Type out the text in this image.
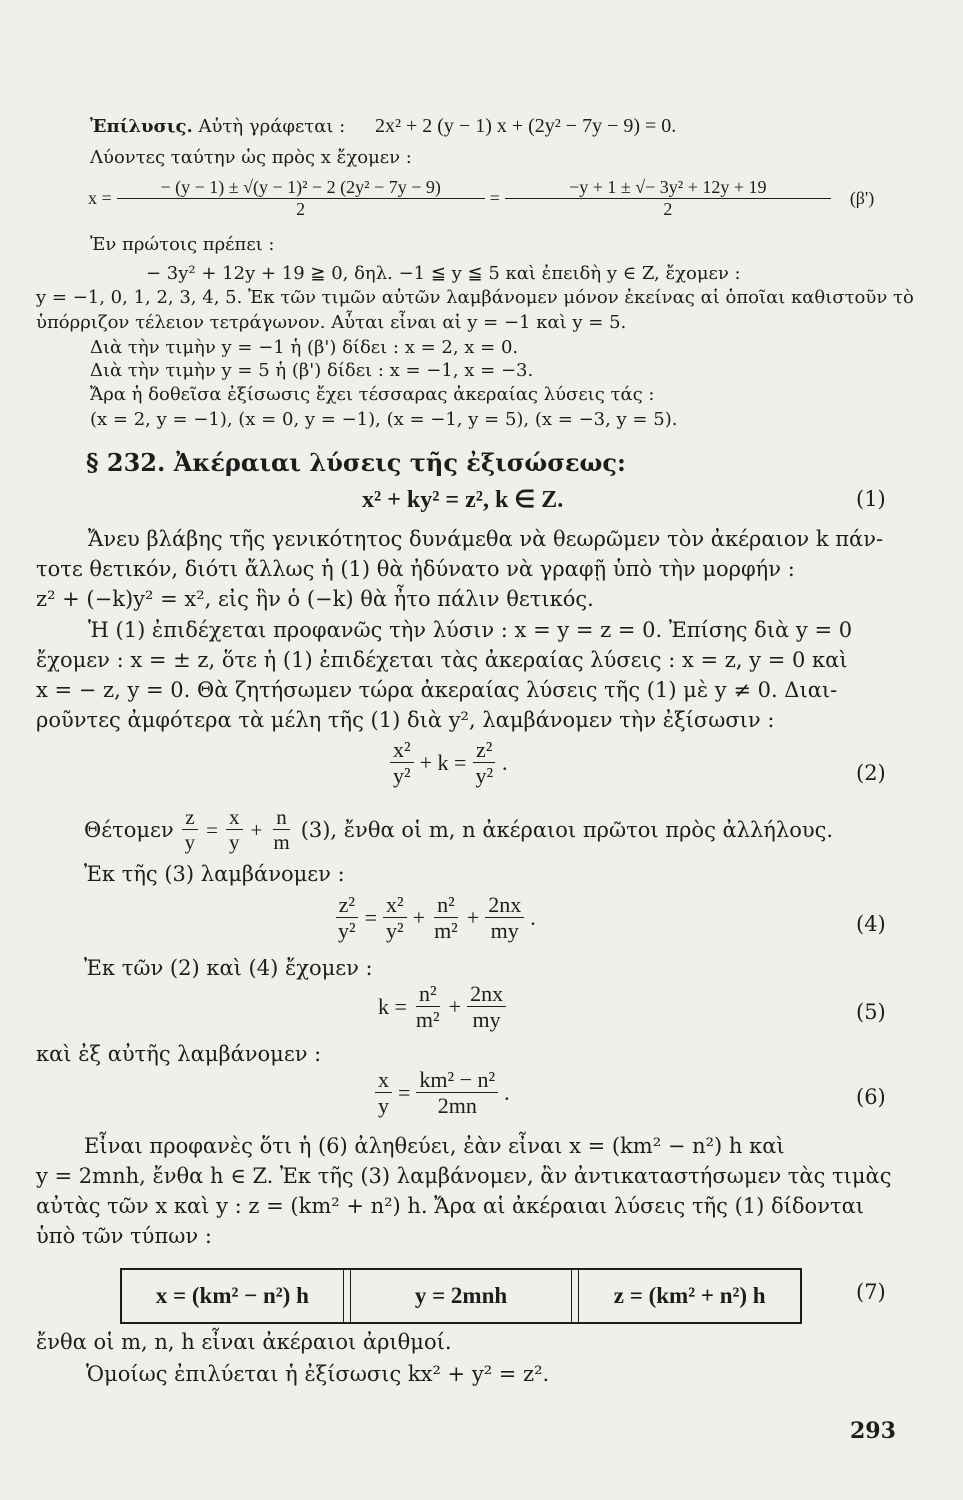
Ἐπίλυσις. Αὐτὴ γράφεται : 2x² + 2 (y − 1) x + (2y² − 7y − 9) = 0.
Λύοντες ταύτην ὡς πρὸς x ἔχομεν :
$x = \frac{\text{− (y − 1) ± √(y − 1)² − 2 (2y² − 7y − 9)}}{2} = \frac{\text{−y + 1 ± √− 3y² + 12y + 19}}{2} (\beta')$
Ἐν πρώτοις πρέπει :
− 3y² + 12y + 19 ≧ 0, δηλ. −1 ≦ y ≦ 5 καὶ ἐπειδὴ y ∈ Z, ἔχομεν :
y = −1, 0, 1, 2, 3, 4, 5. Ἐκ τῶν τιμῶν αὐτῶν λαμβάνομεν μόνον ἐκείνας αἱ ὁποῖαι καθιστοῦν τὸ
ὑπόρριζον τέλειον τετράγωνον. Αὗται εἶναι αἱ y = −1 καὶ y = 5.
Διὰ τὴν τιμὴν y = −1 ἡ (β') δίδει : x = 2, x = 0.
Διὰ τὴν τιμὴν y = 5 ἡ (β') δίδει : x = −1, x = −3.
Ἄρα ἡ δοθεῖσα ἐξίσωσις ἔχει τέσσαρας ἀκεραίας λύσεις τάς :
(x = 2, y = −1), (x = 0, y = −1), (x = −1, y = 5), (x = −3, y = 5).
§ 232. Ἀκέραιαι λύσεις τῆς ἐξισώσεως:
x² + ky² = z², k ∈ Z.	(1)
Ἄνευ βλάβης τῆς γενικότητος δυνάμεθα νὰ θεωρῶμεν τὸν ἀκέραιον k πάν-
τοτε θετικόν, διότι ἄλλως ἡ (1) θὰ ἠδύνατο νὰ γραφῇ ὑπὸ τὴν μορφήν :
z² + (−k)y² = x², εἰς ἣν ὁ (−k) θὰ ἦτο πάλιν θετικός.
Ἡ (1) ἐπιδέχεται προφανῶς τὴν λύσιν : x = y = z = 0. Ἐπίσης διὰ y = 0
ἔχομεν : x = ± z, ὅτε ἡ (1) ἐπιδέχεται τὰς ἀκεραίας λύσεις : x = z, y = 0 καὶ
x = − z, y = 0. Θὰ ζητήσωμεν τώρα ἀκεραίας λύσεις τῆς (1) μὲ y ≠ 0. Διαι-
ροῦντες ἀμφότερα τὰ μέλη τῆς (1) διὰ y², λαμβάνομεν τὴν ἐξίσωσιν :
$\frac{\text{x²}}{\text{y²}} + k = \frac{\text{z²}}{\text{y²}}$ .	(2)
Θέτομεν $\frac{z}{y} = \frac{x}{y} + \frac{n}{m} (3)$, ἔνθα οἱ m, n ἀκέραιοι πρῶτοι πρὸς ἀλλήλους.
Ἐκ τῆς (3) λαμβάνομεν :
$\frac{\text{z²}}{\text{y²}} = \frac{\text{x²}}{\text{y²}} + \frac{\text{n²}}{\text{m²}} + \frac{2nx}{my}$ .	(4)
Ἐκ τῶν (2) καὶ (4) ἔχομεν :
$k = \frac{\text{n²}}{\text{m²}} + \frac{2nx}{my}$	(5)
καὶ ἐξ αὐτῆς λαμβάνομεν :
$\frac{x}{y} = \frac{\text{km² − n²}}{2mn}$ .	(6)
Εἶναι προφανὲς ὅτι ἡ (6) ἀληθεύει, ἐὰν εἶναι x = (km² − n²) h καὶ
y = 2mnh, ἔνθα h ∈ Z. Ἐκ τῆς (3) λαμβάνομεν, ἂν ἀντικαταστήσωμεν τὰς τιμὰς
αὐτὰς τῶν x καὶ y : z = (km² + n²) h. Ἄρα αἱ ἀκέραιαι λύσεις τῆς (1) δίδονται
ὑπὸ τῶν τύπων :
x = (km² − n²) h	y = 2mnh	z = (km² + n²) h	(7)
ἔνθα οἱ m, n, h εἶναι ἀκέραιοι ἀριθμοί.
Ὁμοίως ἐπιλύεται ἡ ἐξίσωσις kx² + y² = z².
293
